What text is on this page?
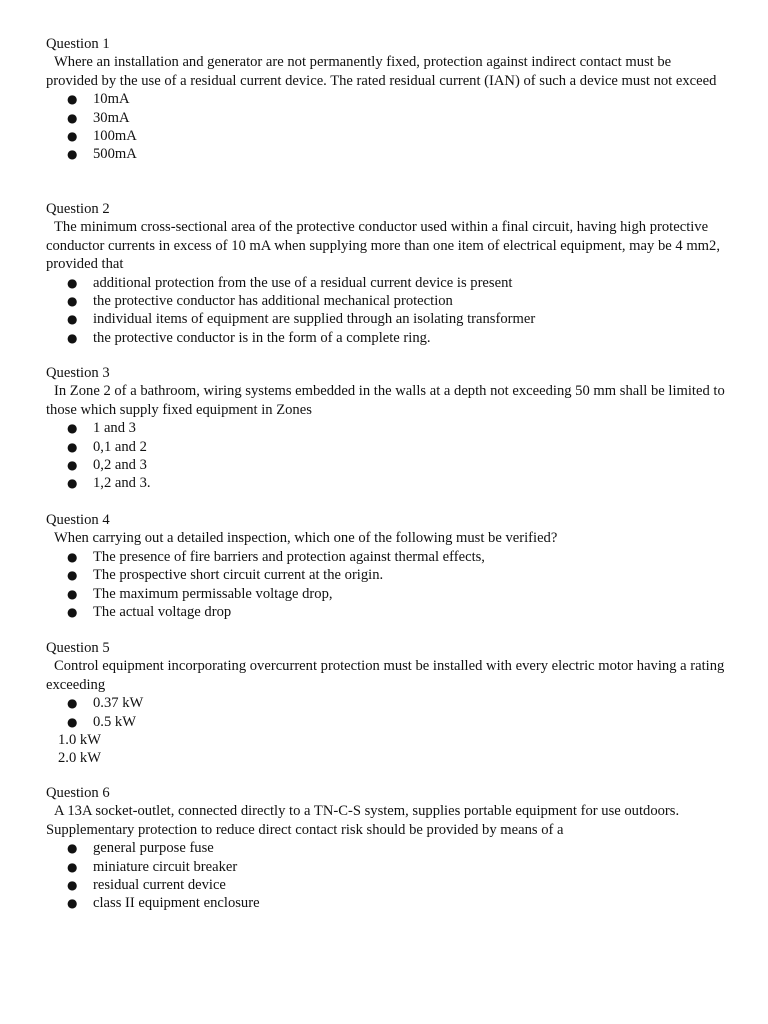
Question 1
Where an installation and generator are not permanently fixed, protection against indirect contact must be provided by the use of a residual current device. The rated residual current (IAN) of such a device must not exceed
● 10mA
● 30mA
● 100mA
● 500mA
Question 2
The minimum cross-sectional area of the protective conductor used within a final circuit, having high protective conductor currents in excess of 10 mA when supplying more than one item of electrical equipment, may be 4 mm2, provided that
● additional protection from the use of a residual current device is present
● the protective conductor has additional mechanical protection
● individual items of equipment are supplied through an isolating transformer
● the protective conductor is in the form of a complete ring.
Question 3
In Zone 2 of a bathroom, wiring systems embedded in the walls at a depth not exceeding 50 mm shall be limited to those which supply fixed equipment in Zones
● 1 and 3
● 0,1 and 2
● 0,2 and 3
● 1,2 and 3.
Question 4
When carrying out a detailed inspection, which one of the following must be verified?
● The presence of fire barriers and protection against thermal effects,
● The prospective short circuit current at the origin.
● The maximum permissable voltage drop,
● The actual voltage drop
Question 5
Control equipment incorporating overcurrent protection must be installed with every electric motor having a rating exceeding
● 0.37 kW
● 0.5 kW
1.0 kW
2.0 kW
Question 6
A 13A socket-outlet, connected directly to a TN-C-S system, supplies portable equipment for use outdoors. Supplementary protection to reduce direct contact risk should be provided by means of a
● general purpose fuse
● miniature circuit breaker
● residual current device
● class II equipment enclosure
